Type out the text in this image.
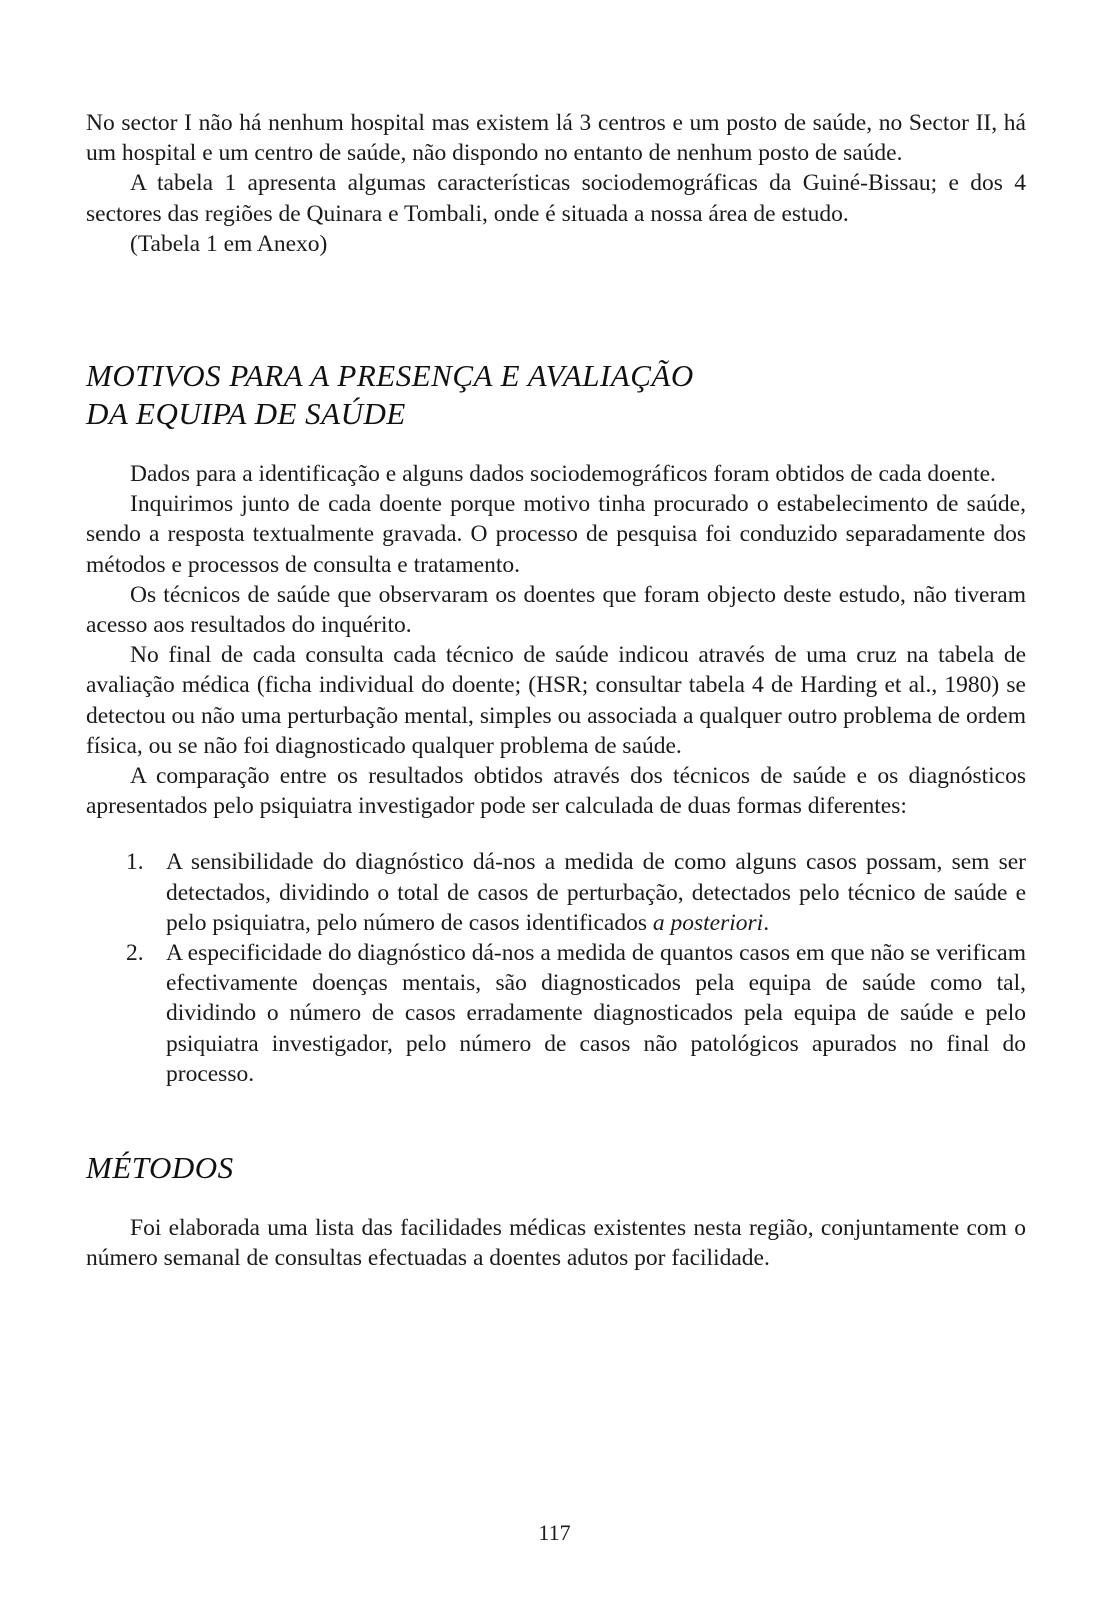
No sector I não há nenhum hospital mas existem lá 3 centros e um posto de saúde, no Sector II, há um hospital e um centro de saúde, não dispondo no entanto de nenhum posto de saúde.

A tabela 1 apresenta algumas características sociodemográficas da Guiné-Bissau; e dos 4 sectores das regiões de Quinara e Tombali, onde é situada a nossa área de estudo.

(Tabela 1 em Anexo)

MOTIVOS PARA A PRESENÇA E AVALIAÇÃO
DA EQUIPA DE SAÚDE

Dados para a identificação e alguns dados sociodemográficos foram obtidos de cada doente.

Inquirimos junto de cada doente porque motivo tinha procurado o estabelecimento de saúde, sendo a resposta textualmente gravada. O processo de pesquisa foi conduzido separadamente dos métodos e processos de consulta e tratamento.

Os técnicos de saúde que observaram os doentes que foram objecto deste estudo, não tiveram acesso aos resultados do inquérito.

No final de cada consulta cada técnico de saúde indicou através de uma cruz na tabela de avaliação médica (ficha individual do doente; (HSR; consultar tabela 4 de Harding et al., 1980) se detectou ou não uma perturbação mental, simples ou associada a qualquer outro problema de ordem física, ou se não foi diagnosticado qualquer problema de saúde.

A comparação entre os resultados obtidos através dos técnicos de saúde e os diagnósticos apresentados pelo psiquiatra investigador pode ser calculada de duas formas diferentes:

1. A sensibilidade do diagnóstico dá-nos a medida de como alguns casos possam, sem ser detectados, dividindo o total de casos de perturbação, detectados pelo técnico de saúde e pelo psiquiatra, pelo número de casos identificados a posteriori.
2. A especificidade do diagnóstico dá-nos a medida de quantos casos em que não se verificam efectivamente doenças mentais, são diagnosticados pela equipa de saúde como tal, dividindo o número de casos erradamente diagnosticados pela equipa de saúde e pelo psiquiatra investigador, pelo número de casos não patológicos apurados no final do processo.
MÉTODOS

Foi elaborada uma lista das facilidades médicas existentes nesta região, conjuntamente com o número semanal de consultas efectuadas a doentes adutos por facilidade.

117
